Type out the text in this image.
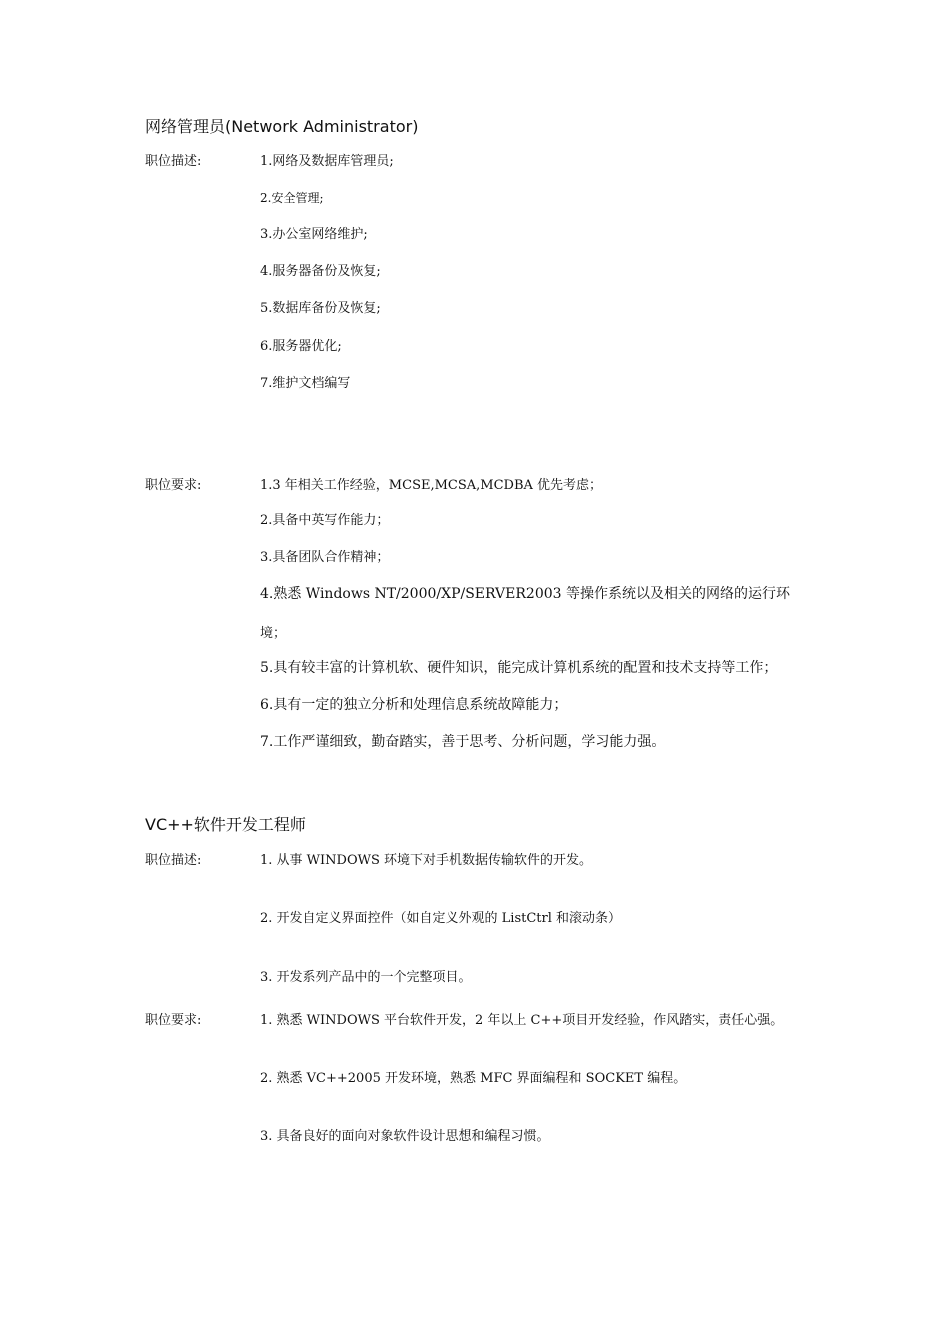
网络管理员(Network Administrator)
职位描述:	1.网络及数据库管理员;
2.安全管理;
3.办公室网络维护;
4.服务器备份及恢复;
5.数据库备份及恢复;
6.服务器优化;
7.维护文档编写
职位要求:	1.3 年相关工作经验，MCSE,MCSA,MCDBA 优先考虑；
2.具备中英写作能力；
3.具备团队合作精神；
4.熟悉 Windows NT/2000/XP/SERVER2003 等操作系统以及相关的网络的运行环
境；
5.具有较丰富的计算机软、硬件知识，能完成计算机系统的配置和技术支持等工作；
6.具有一定的独立分析和处理信息系统故障能力；
7.工作严谨细致，勤奋踏实，善于思考、分析问题，学习能力强。
VC++软件开发工程师
职位描述:	1. 从事 WINDOWS 环境下对手机数据传输软件的开发。
2. 开发自定义界面控件（如自定义外观的 ListCtrl 和滚动条）
3. 开发系列产品中的一个完整项目。
职位要求:	1. 熟悉 WINDOWS 平台软件开发，2 年以上 C++项目开发经验，作风踏实，责任心强。
2. 熟悉 VC++2005 开发环境，熟悉 MFC 界面编程和 SOCKET 编程。
3. 具备良好的面向对象软件设计思想和编程习惯。
